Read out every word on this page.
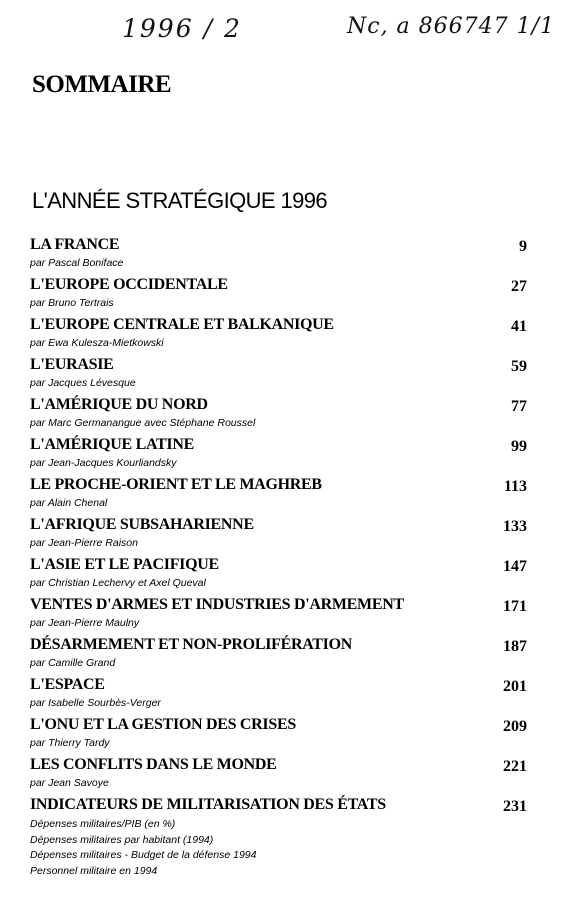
1996 / 2	Nc, a 866747 1/1
SOMMAIRE
L'ANNÉE STRATÉGIQUE 1996
LA FRANCE	9
par Pascal Boniface
L'EUROPE OCCIDENTALE	27
par Bruno Tertrais
L'EUROPE CENTRALE ET BALKANIQUE	41
par Ewa Kulesza-Mietkowski
L'EURASIE	59
par Jacques Lévesque
L'AMÉRIQUE DU NORD	77
par Marc Germanangue avec Stéphane Roussel
L'AMÉRIQUE LATINE	99
par Jean-Jacques Kourliandsky
LE PROCHE-ORIENT ET LE MAGHREB	113
par Alain Chenal
L'AFRIQUE SUBSAHARIENNE	133
par Jean-Pierre Raison
L'ASIE ET LE PACIFIQUE	147
par Christian Lechervy et Axel Queval
VENTES D'ARMES ET INDUSTRIES D'ARMEMENT	171
par Jean-Pierre Maulny
DÉSARMEMENT ET NON-PROLIFÉRATION	187
par Camille Grand
L'ESPACE	201
par Isabelle Sourbès-Verger
L'ONU ET LA GESTION DES CRISES	209
par Thierry Tardy
LES CONFLITS DANS LE MONDE	221
par Jean Savoye
INDICATEURS DE MILITARISATION DES ÉTATS	231
Dépenses militaires/PIB (en %)
Dépenses militaires par habitant (1994)
Dépenses militaires - Budget de la défense 1994
Personnel militaire en 1994
